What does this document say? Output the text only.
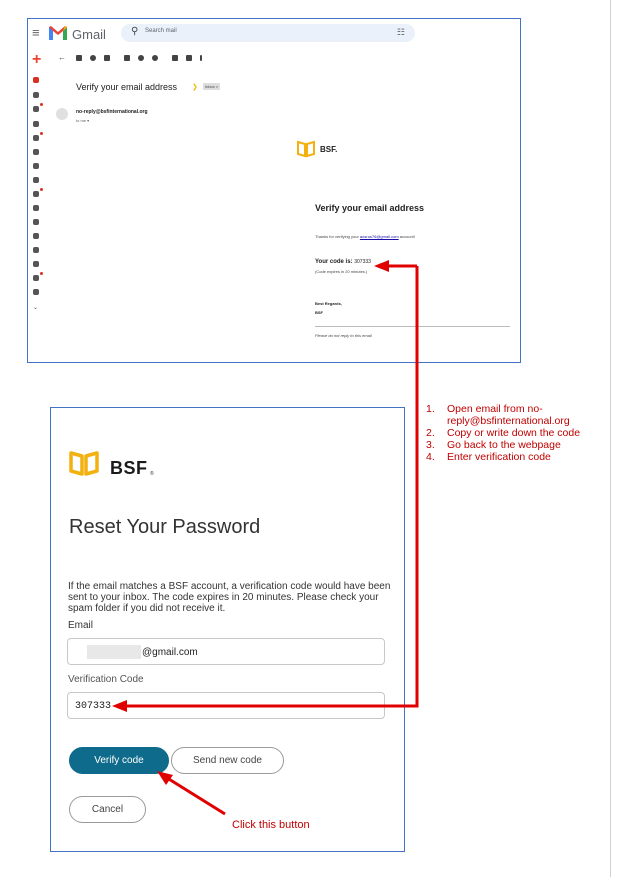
≡ Gmail	⚲ Search mail	☷
+
⌄
←
Verify your email address ❯	Inbox ×
no-reply@bsfinternational.org
to me ▾
BSF.
Verify your email address
Thanks for verifying your aosrus76@gmail.com account!
Your code is: 307333
(Code expires in 20 minutes.)
Best Regards,
BSF
Please do not reply to this email
1. Open email from no-reply@bsfinternational.org
2. Copy or write down the code
3. Go back to the webpage
4. Enter verification code
BSF ®
Reset Your Password
If the email matches a BSF account, a verification code would have been sent to your inbox. The code expires in 20 minutes. Please check your spam folder if you did not receive it.
Email
@gmail.com
Verification Code
307333
Verify code	Send new code
Cancel
Click this button
